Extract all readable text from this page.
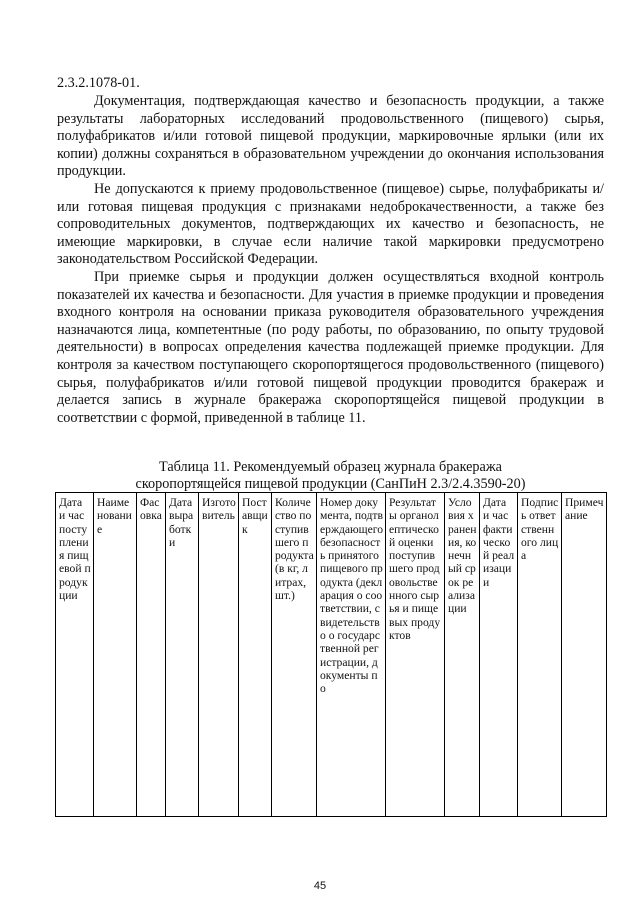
2.3.2.1078-01.

Документация, подтверждающая качество и безопасность продукции, а также результаты лабораторных исследований продовольственного (пищевого) сырья, полуфабрикатов и/или готовой пищевой продукции, маркировочные ярлыки (или их копии) должны сохраняться в образовательном учреждении до окончания использования продукции.

Не допускаются к приему продовольственное (пищевое) сырье, полуфабрикаты и/или готовая пищевая продукция с признаками недоброкачественности, а также без сопроводительных документов, подтверждающих их качество и безопасность, не имеющие маркировки, в случае если наличие такой маркировки предусмотрено законодательством Российской Федерации.

При приемке сырья и продукции должен осуществляться входной контроль показателей их качества и безопасности. Для участия в приемке продукции и проведения входного контроля на основании приказа руководителя образовательного учреждения назначаются лица, компетентные (по роду работы, по образованию, по опыту трудовой деятельности) в вопросах определения качества подлежащей приемке продукции. Для контроля за качеством поступающего скоропортящегося продовольственного (пищевого) сырья, полуфабрикатов и/или готовой пищевой продукции проводится бракераж и делается запись в журнале бракеража скоропортящейся пищевой продукции в соответствии с формой, приведенной в таблице 11.

Таблица 11. Рекомендуемый образец журнала бракеража
скоропортящейся пищевой продукции (СанПиН 2.3/2.4.3590-20)
Дата и час поступления пищевой продукции	Наименование	Фасовка	Дата выработки	Изготовитель	Поставщик	Количество поступившего продукта (в кг, литрах, шт.)	Номер документа, подтверждающего безопасность принятого пищевого продукта (декларация о соответствии, свидетельство о государственной регистрации, документы по	Результаты органолептической оценки поступившего продовольственного сырья и пищевых продуктов	Условия хранения, конечный срок реализации	Дата и час фактической реализации	Подпись ответственного лица	Примечание
45
